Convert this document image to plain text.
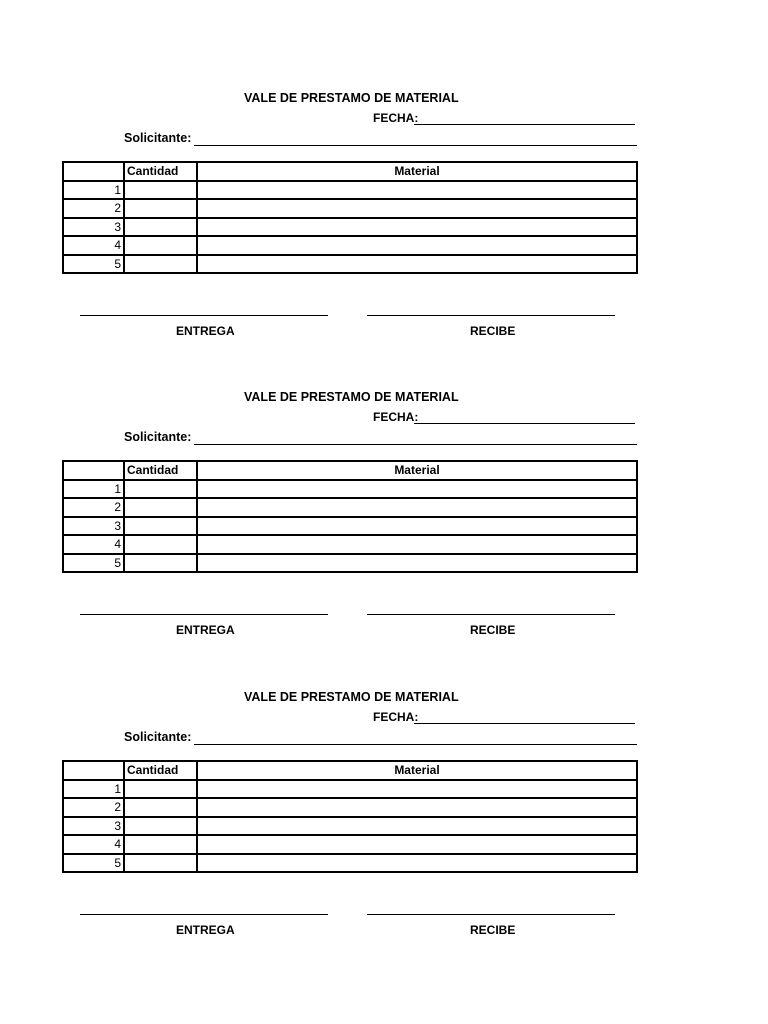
VALE DE PRESTAMO DE MATERIAL
FECHA:
Solicitante:
	Cantidad	Material
1		
2		
3		
4		
5		
ENTREGA	RECIBE
VALE DE PRESTAMO DE MATERIAL
FECHA:
Solicitante:
	Cantidad	Material
1		
2		
3		
4		
5		
ENTREGA	RECIBE
VALE DE PRESTAMO DE MATERIAL
FECHA:
Solicitante:
	Cantidad	Material
1		
2		
3		
4		
5		
ENTREGA	RECIBE
